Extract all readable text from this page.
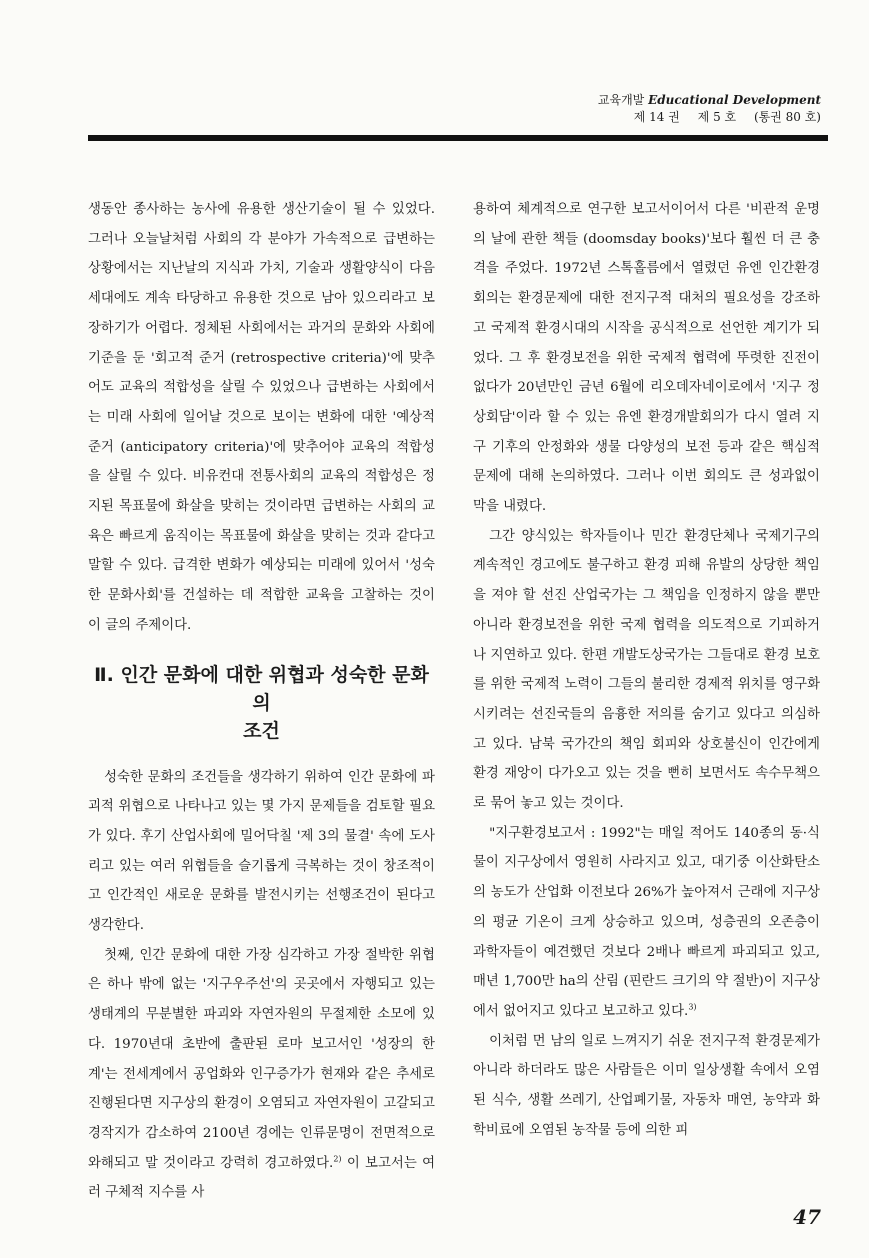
교육개발 Educational Development
제 14 권 제 5 호 (통권 80 호)

생동안 종사하는 농사에 유용한 생산기술이 될 수 있었다. 그러나 오늘날처럼 사회의 각 분야가 가속적으로 급변하는 상황에서는 지난날의 지식과 가치, 기술과 생활양식이 다음 세대에도 계속 타당하고 유용한 것으로 남아 있으리라고 보장하기가 어렵다. 정체된 사회에서는 과거의 문화와 사회에 기준을 둔 '회고적 준거 (retrospective criteria)'에 맞추어도 교육의 적합성을 살릴 수 있었으나 급변하는 사회에서는 미래 사회에 일어날 것으로 보이는 변화에 대한 '예상적 준거 (anticipatory criteria)'에 맞추어야 교육의 적합성을 살릴 수 있다. 비유컨대 전통사회의 교육의 적합성은 정지된 목표물에 화살을 맞히는 것이라면 급변하는 사회의 교육은 빠르게 움직이는 목표물에 화살을 맞히는 것과 같다고 말할 수 있다. 급격한 변화가 예상되는 미래에 있어서 '성숙한 문화사회'를 건설하는 데 적합한 교육을 고찰하는 것이 이 글의 주제이다.

Ⅱ. 인간 문화에 대한 위협과 성숙한 문화의
조건

성숙한 문화의 조건들을 생각하기 위하여 인간 문화에 파괴적 위협으로 나타나고 있는 몇 가지 문제들을 검토할 필요가 있다. 후기 산업사회에 밀어닥칠 '제 3의 물결' 속에 도사리고 있는 여러 위협들을 슬기롭게 극복하는 것이 창조적이고 인간적인 새로운 문화를 발전시키는 선행조건이 된다고 생각한다.

첫째, 인간 문화에 대한 가장 심각하고 가장 절박한 위협은 하나 밖에 없는 '지구우주선'의 곳곳에서 자행되고 있는 생태계의 무분별한 파괴와 자연자원의 무절제한 소모에 있다. 1970년대 초반에 출판된 로마 보고서인 '성장의 한계'는 전세계에서 공업화와 인구증가가 현재와 같은 추세로 진행된다면 지구상의 환경이 오염되고 자연자원이 고갈되고 경작지가 감소하여 2100년 경에는 인류문명이 전면적으로 와해되고 말 것이라고 강력히 경고하였다.$^{2)}$ 이 보고서는 여러 구체적 지수를 사

용하여 체계적으로 연구한 보고서이어서 다른 '비관적 운명의 날에 관한 책들 (doomsday books)'보다 훨씬 더 큰 충격을 주었다. 1972년 스톡홀름에서 열렸던 유엔 인간환경회의는 환경문제에 대한 전지구적 대처의 필요성을 강조하고 국제적 환경시대의 시작을 공식적으로 선언한 계기가 되었다. 그 후 환경보전을 위한 국제적 협력에 뚜렷한 진전이 없다가 20년만인 금년 6월에 리오데자네이로에서 '지구 정상회담'이라 할 수 있는 유엔 환경개발회의가 다시 열려 지구 기후의 안정화와 생물 다양성의 보전 등과 같은 핵심적 문제에 대해 논의하였다. 그러나 이번 회의도 큰 성과없이 막을 내렸다.

그간 양식있는 학자들이나 민간 환경단체나 국제기구의 계속적인 경고에도 불구하고 환경 피해 유발의 상당한 책임을 져야 할 선진 산업국가는 그 책임을 인정하지 않을 뿐만 아니라 환경보전을 위한 국제 협력을 의도적으로 기피하거나 지연하고 있다. 한편 개발도상국가는 그들대로 환경 보호를 위한 국제적 노력이 그들의 불리한 경제적 위치를 영구화시키려는 선진국들의 음흉한 저의를 숨기고 있다고 의심하고 있다. 남북 국가간의 책임 회피와 상호불신이 인간에게 환경 재앙이 다가오고 있는 것을 뻔히 보면서도 속수무책으로 묶어 놓고 있는 것이다.

"지구환경보고서 : 1992"는 매일 적어도 140종의 동·식물이 지구상에서 영원히 사라지고 있고, 대기중 이산화탄소의 농도가 산업화 이전보다 26%가 높아져서 근래에 지구상의 평균 기온이 크게 상승하고 있으며, 성층권의 오존층이 과학자들이 예견했던 것보다 2배나 빠르게 파괴되고 있고, 매년 1,700만 ha의 산림 (핀란드 크기의 약 절반)이 지구상에서 없어지고 있다고 보고하고 있다.$^{3)}$

이처럼 먼 남의 일로 느껴지기 쉬운 전지구적 환경문제가 아니라 하더라도 많은 사람들은 이미 일상생활 속에서 오염된 식수, 생활 쓰레기, 산업폐기물, 자동차 매연, 농약과 화학비료에 오염된 농작물 등에 의한 피

47
